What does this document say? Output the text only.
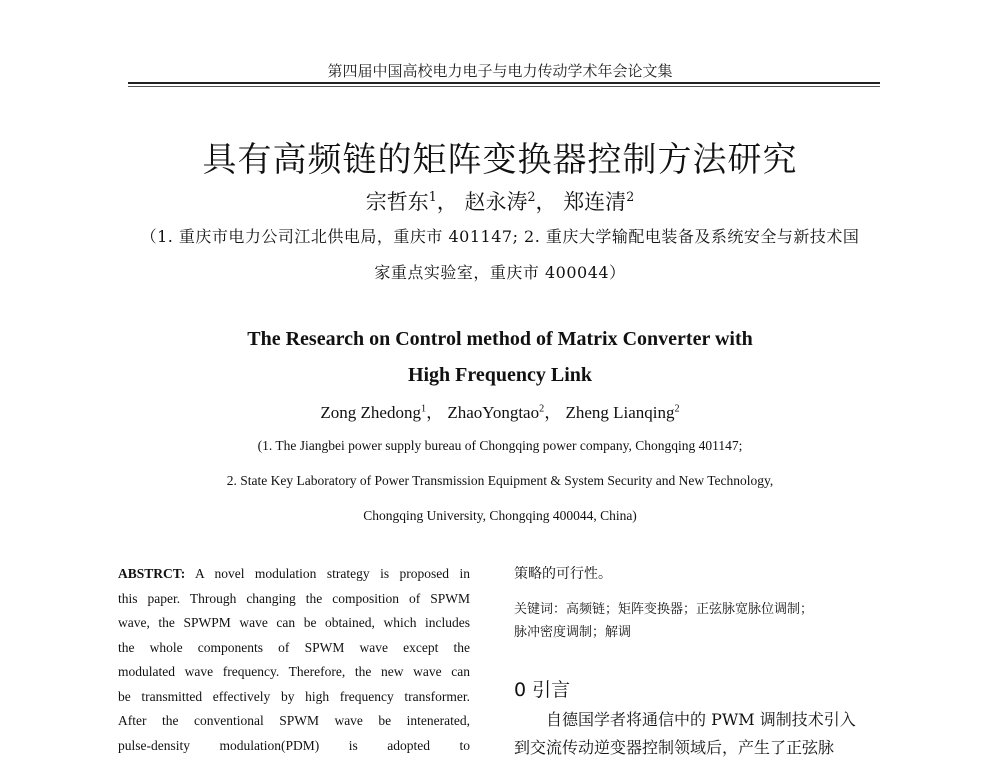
第四届中国高校电力电子与电力传动学术年会论文集
具有高频链的矩阵变换器控制方法研究
宗哲东$^1$， 赵永涛$^2$， 郑连清$^2$
（1. 重庆市电力公司江北供电局，重庆市 401147; 2. 重庆大学输配电装备及系统安全与新技术国
家重点实验室，重庆市 400044）
The Research on Control method of Matrix Converter with
High Frequency Link
Zong Zhedong$^1$， ZhaoYongtao$^2$， Zheng Lianqing$^2$
(1. The Jiangbei power supply bureau of Chongqing power company, Chongqing 401147;
2. State Key Laboratory of Power Transmission Equipment & System Security and New Technology,
Chongqing University, Chongqing 400044, China)
ABSTRCT: A novel modulation strategy is proposed in
this paper. Through changing the composition of SPWM
wave, the SPWPM wave can be obtained, which includes
the whole components of SPWM wave except the
modulated wave frequency. Therefore, the new wave can
be transmitted effectively by high frequency transformer.
After the conventional SPWM wave be intenerated,
pulse-density modulation(PDM) is adopted to
策略的可行性。
关键词：高频链；矩阵变换器；正弦脉宽脉位调制；
脉冲密度调制；解调
0 引言
自德国学者将通信中的 PWM 调制技术引入
到交流传动逆变器控制领域后，产生了正弦脉
